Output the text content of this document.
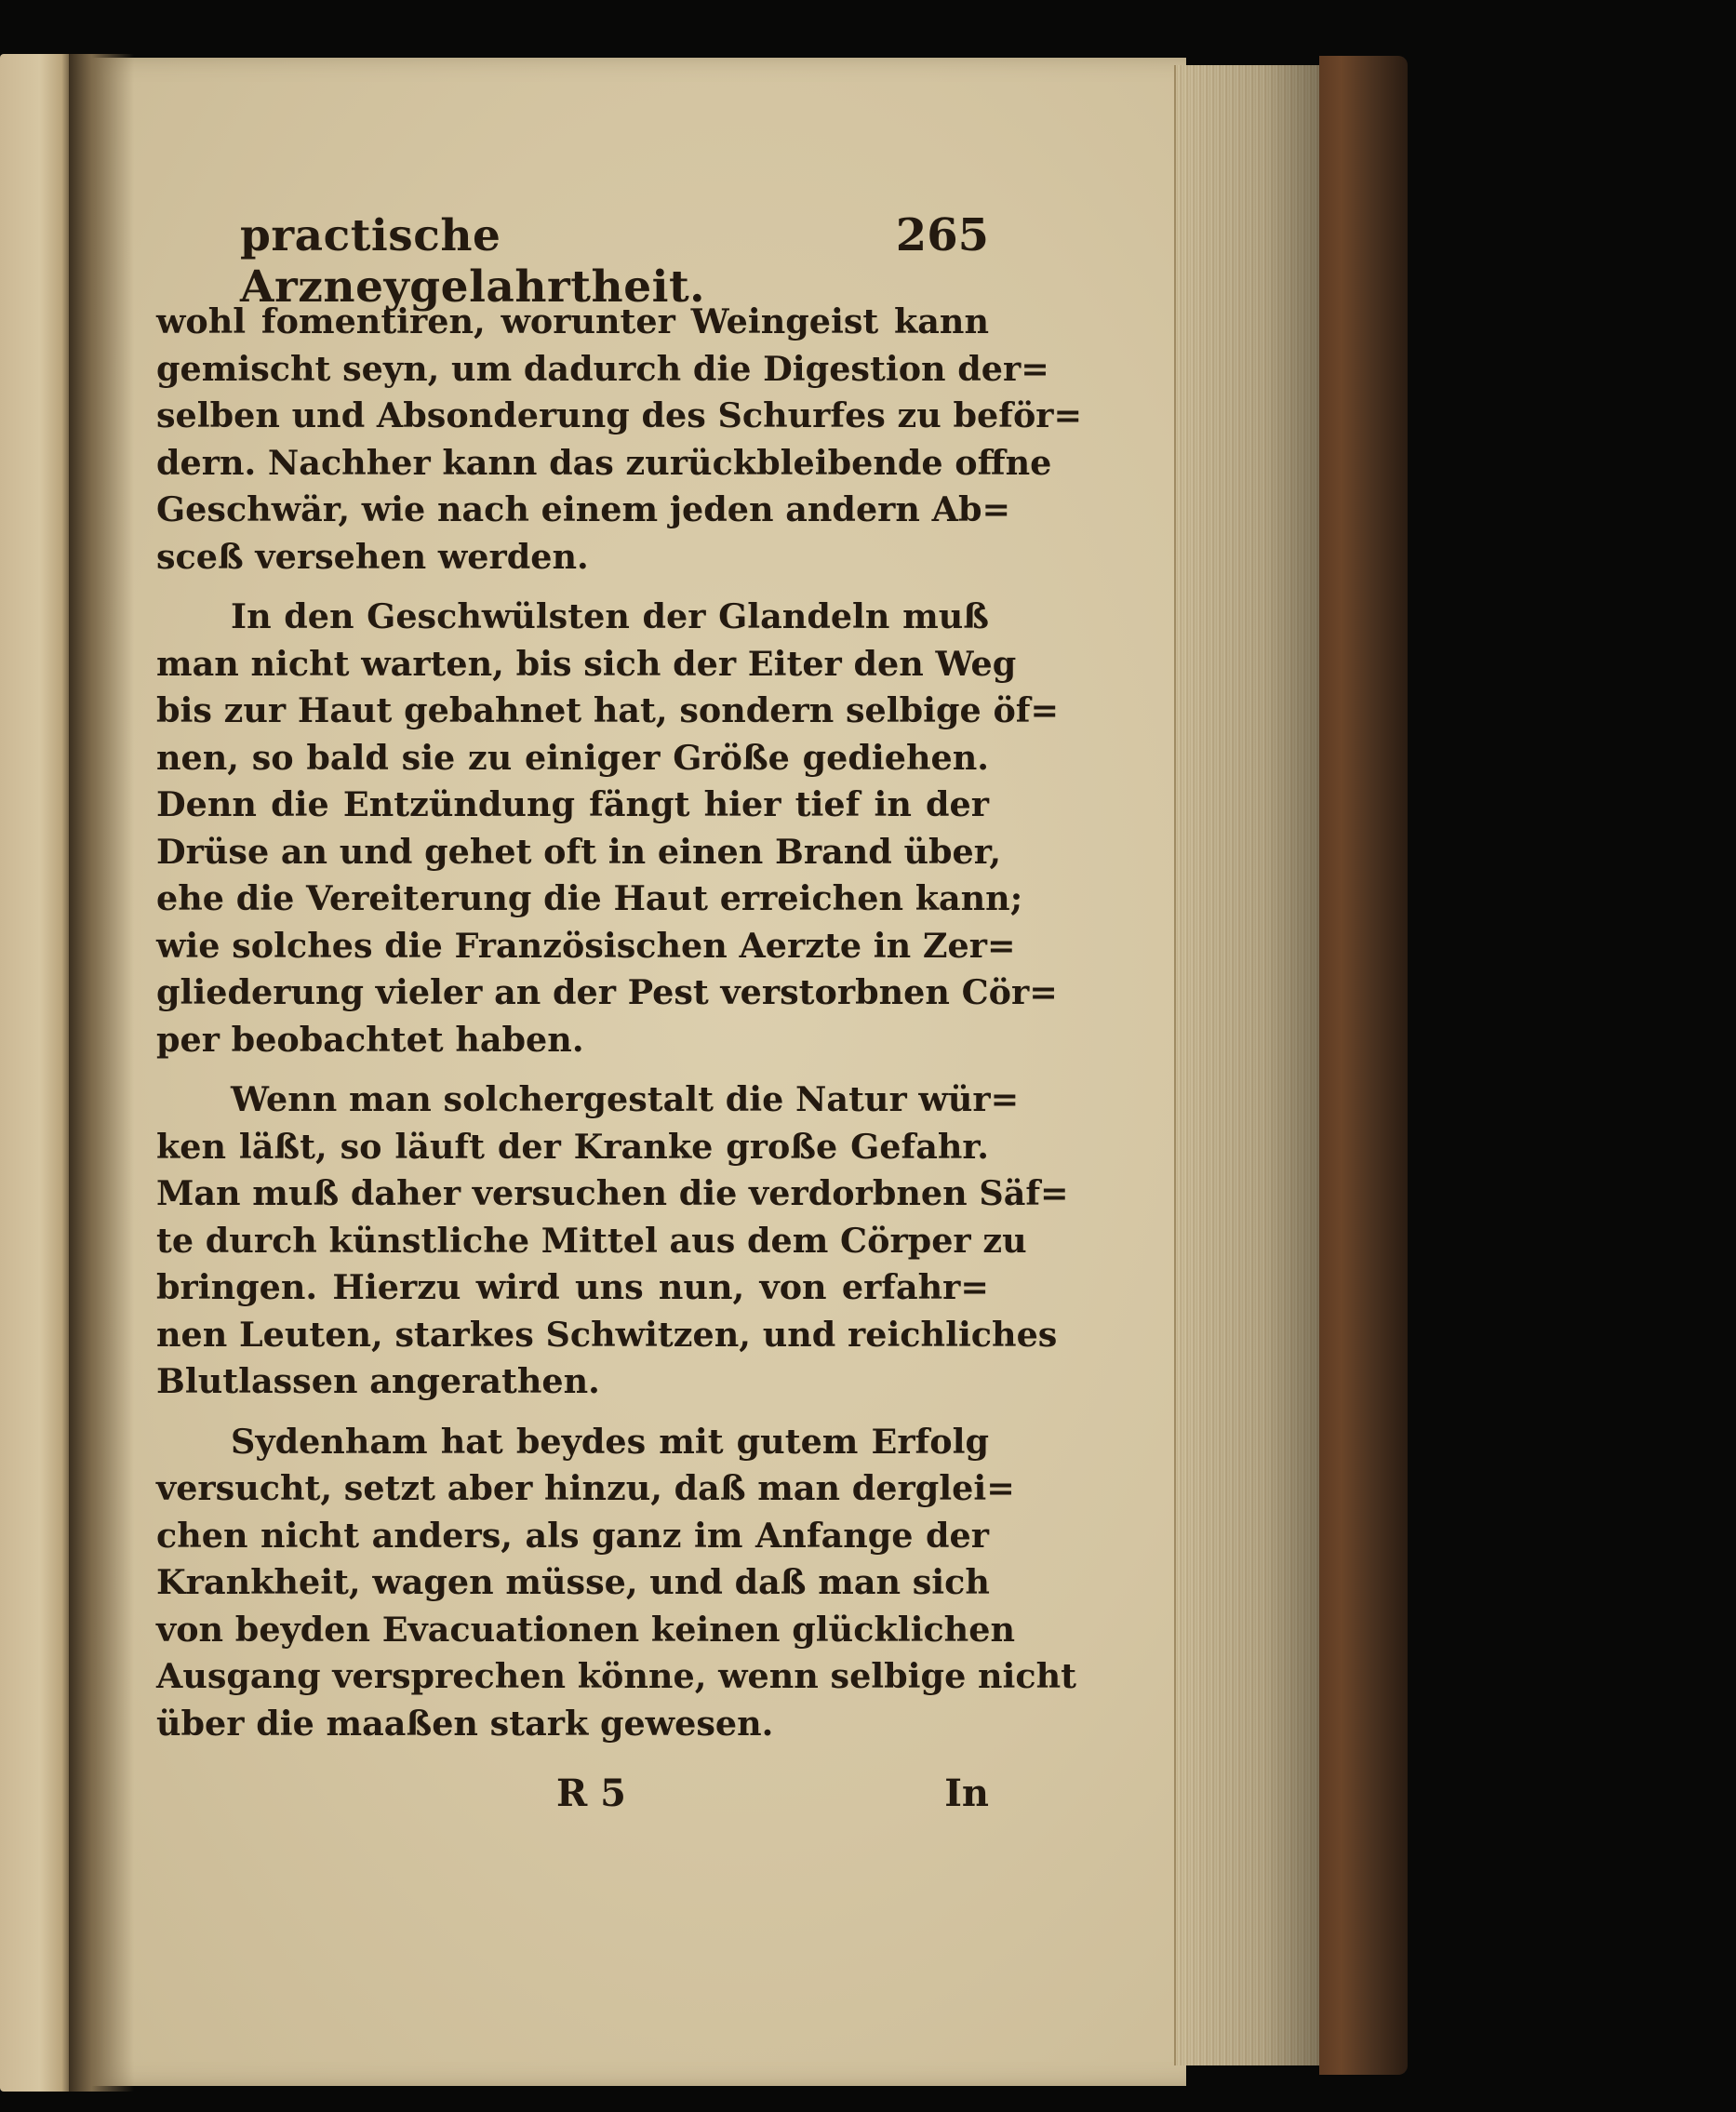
practische Arzneygelahrtheit.
265
wohl fomentiren, worunter Weingeist kann
gemischt seyn, um dadurch die Digestion der=
selben und Absonderung des Schurfes zu beför=
dern. Nachher kann das zurückbleibende offne
Geschwär, wie nach einem jeden andern Ab=
sceß versehen werden.
In den Geschwülsten der Glandeln muß
man nicht warten, bis sich der Eiter den Weg
bis zur Haut gebahnet hat, sondern selbige öf=
nen, so bald sie zu einiger Größe gediehen.
Denn die Entzündung fängt hier tief in der
Drüse an und gehet oft in einen Brand über,
ehe die Vereiterung die Haut erreichen kann;
wie solches die Französischen Aerzte in Zer=
gliederung vieler an der Pest verstorbnen Cör=
per beobachtet haben.
Wenn man solchergestalt die Natur wür=
ken läßt, so läuft der Kranke große Gefahr.
Man muß daher versuchen die verdorbnen Säf=
te durch künstliche Mittel aus dem Cörper zu
bringen. Hierzu wird uns nun, von erfahr=
nen Leuten, starkes Schwitzen, und reichliches
Blutlassen angerathen.
Sydenham hat beydes mit gutem Erfolg
versucht, setzt aber hinzu, daß man derglei=
chen nicht anders, als ganz im Anfange der
Krankheit, wagen müsse, und daß man sich
von beyden Evacuationen keinen glücklichen
Ausgang versprechen könne, wenn selbige nicht
über die maaßen stark gewesen.
R 5	In
